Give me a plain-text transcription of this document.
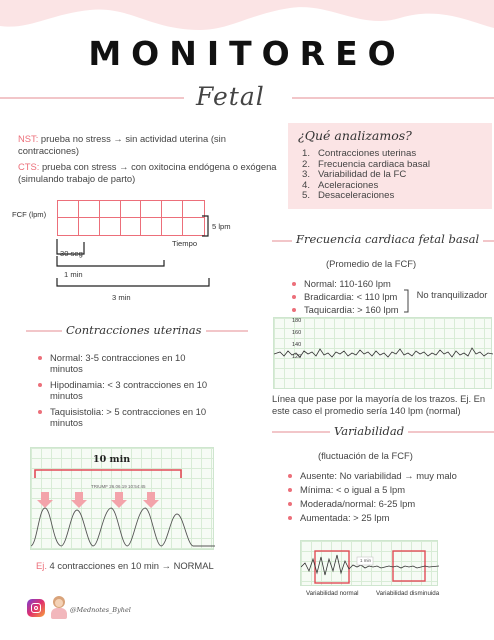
MONITOREO
Fetal
NST: prueba no stress → sin actividad uterina (sin contracciones)
CTS: prueba con stress → con oxitocina endógena o exógena (simulando trabajo de parto)
FCF (lpm)
5 lpm
Tiempo
30 seg
1 min
3 min
¿Qué analizamos?
1. Contracciones uterinas
2. Frecuencia cardiaca basal
3. Variabilidad de la FC
4. Aceleraciones
5. Desaceleraciones
Frecuencia cardiaca fetal basal
(Promedio de la FCF)
Normal: 110-160 lpm
Bradicardia: < 110 lpm
Taquicardia: > 160 lpm
No tranquilizador
180
160
140
120
Línea que pase por la mayoría de los trazos. Ej. En este caso el promedio sería 140 lpm (normal)
Contracciones uterinas
Normal: 3-5 contracciones en 10 minutos
Hipodinamia: < 3 contracciones en 10 minutos
Taquisistolia: > 5 contracciones en 10 minutos
10 min
TRIUMF 26.06.19 10:54:45
Ej. 4 contracciones en 10 min → NORMAL
Variabilidad
(fluctuación de la FCF)
Ausente: No variabilidad → muy malo
Mínima: < o igual a 5 lpm
Moderada/normal: 6-25 lpm
Aumentada: > 25 lpm
1 min
Variabilidad normal	Variabilidad disminuida
@Mednotes_Byhel
